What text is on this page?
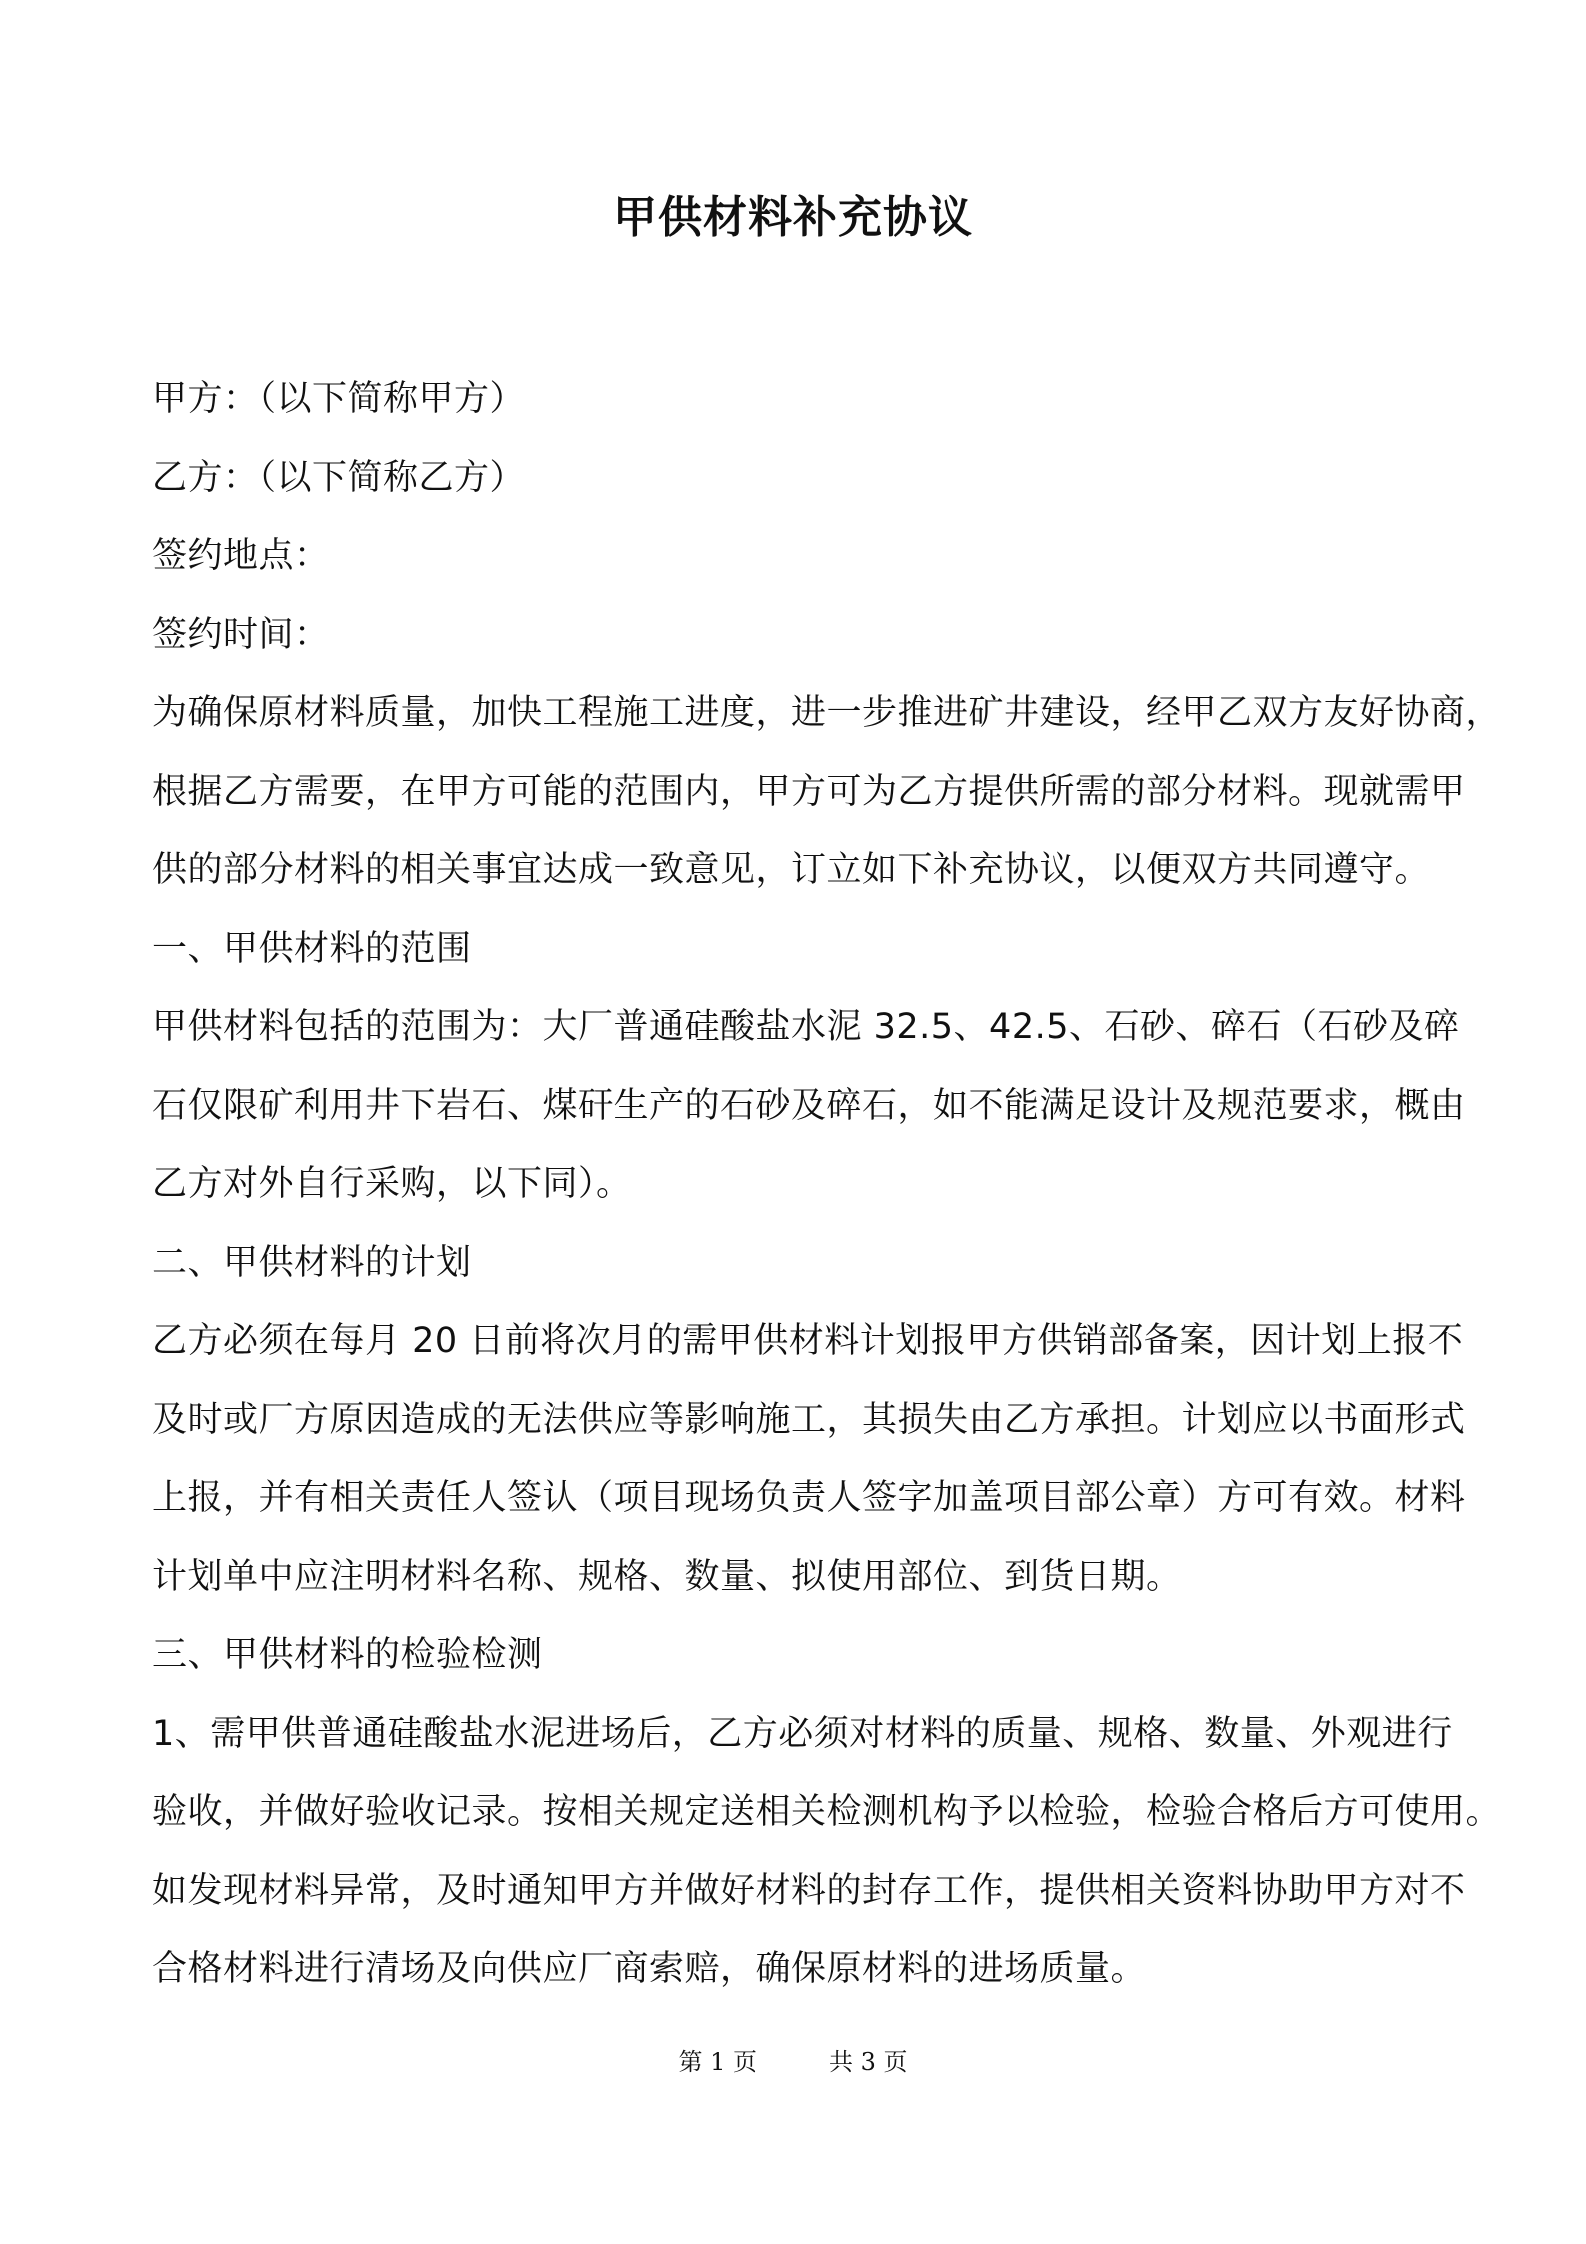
甲供材料补充协议
甲方：（以下简称甲方）
乙方：（以下简称乙方）
签约地点：
签约时间：
为确保原材料质量，加快工程施工进度，进一步推进矿井建设，经甲乙双方友好协商，
根据乙方需要，在甲方可能的范围内，甲方可为乙方提供所需的部分材料。现就需甲
供的部分材料的相关事宜达成一致意见，订立如下补充协议，以便双方共同遵守。
一、甲供材料的范围
甲供材料包括的范围为：大厂普通硅酸盐水泥 32.5、42.5、石砂、碎石（石砂及碎
石仅限矿利用井下岩石、煤矸生产的石砂及碎石，如不能满足设计及规范要求，概由
乙方对外自行采购，以下同）。
二、甲供材料的计划
乙方必须在每月 20 日前将次月的需甲供材料计划报甲方供销部备案，因计划上报不
及时或厂方原因造成的无法供应等影响施工，其损失由乙方承担。计划应以书面形式
上报，并有相关责任人签认（项目现场负责人签字加盖项目部公章）方可有效。材料
计划单中应注明材料名称、规格、数量、拟使用部位、到货日期。
三、甲供材料的检验检测
1、需甲供普通硅酸盐水泥进场后，乙方必须对材料的质量、规格、数量、外观进行
验收，并做好验收记录。按相关规定送相关检测机构予以检验，检验合格后方可使用。
如发现材料异常，及时通知甲方并做好材料的封存工作，提供相关资料协助甲方对不
合格材料进行清场及向供应厂商索赔，确保原材料的进场质量。
第 1 页	共 3 页
